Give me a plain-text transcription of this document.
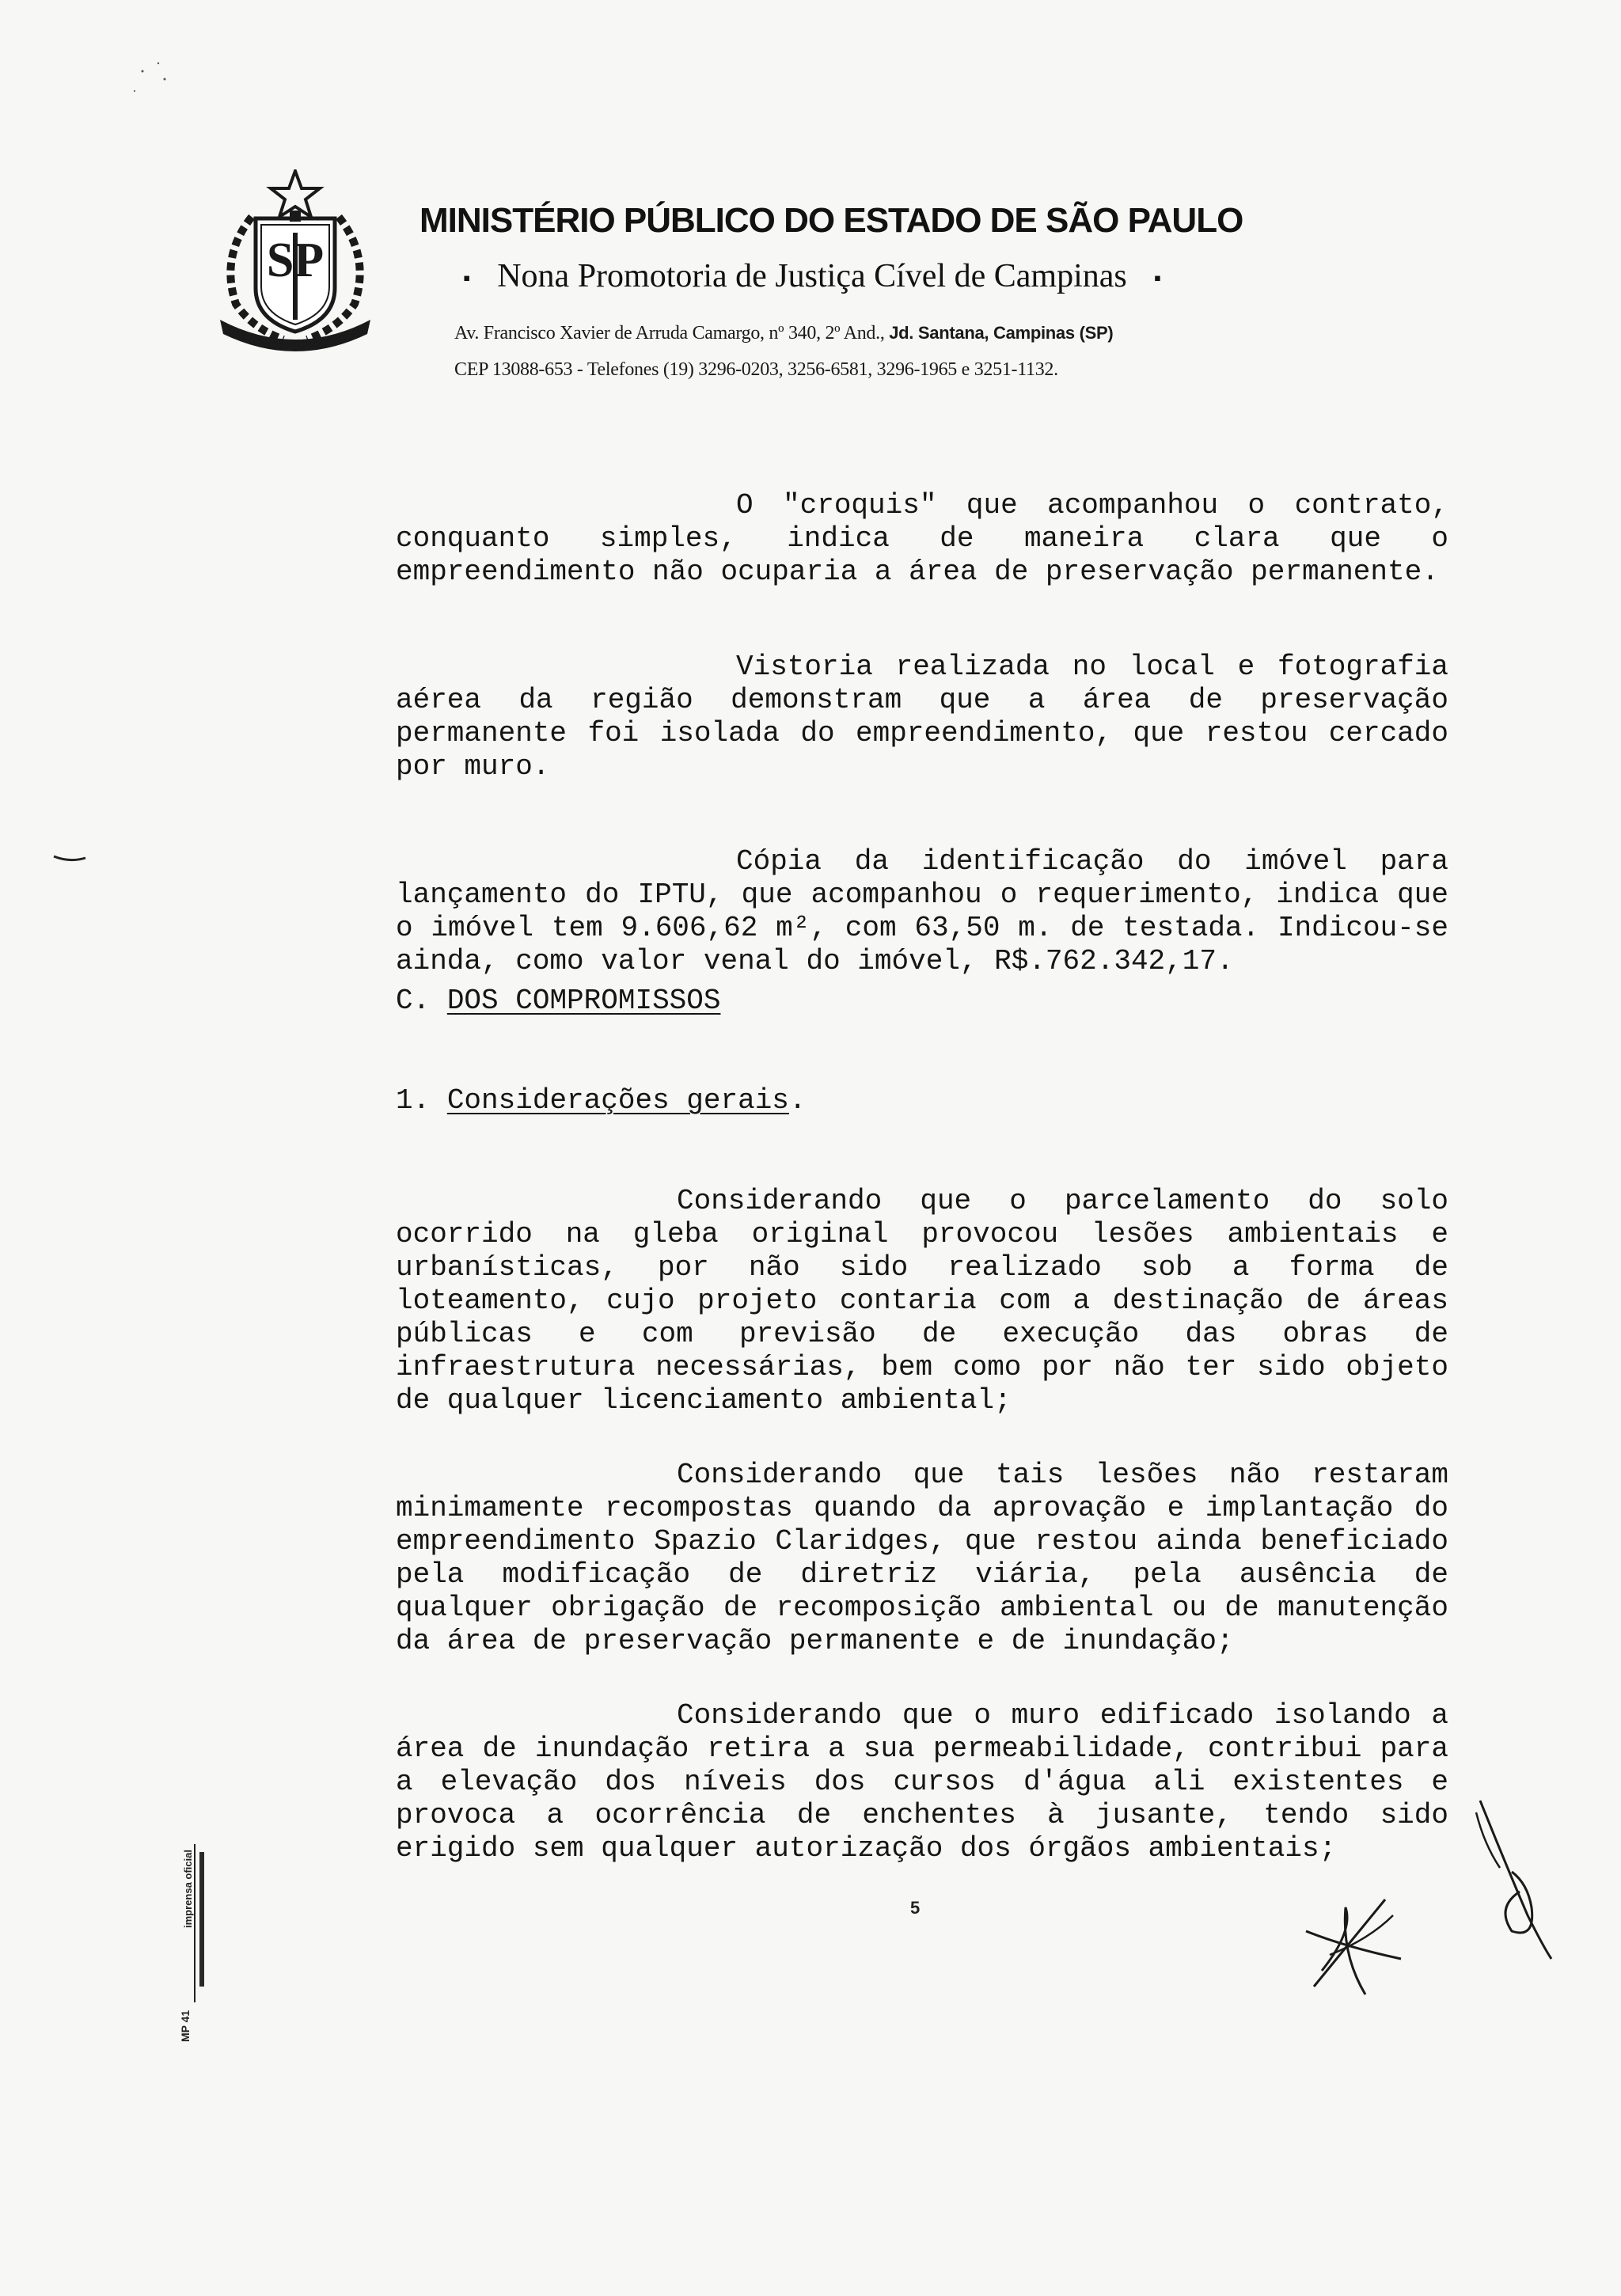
SP
MINISTÉRIO PÚBLICO DO ESTADO DE SÃO PAULO
▪ Nona Promotoria de Justiça Cível de Campinas ▪
Av. Francisco Xavier de Arruda Camargo, nº 340, 2º And., Jd. Santana, Campinas (SP)
CEP 13088-653 - Telefones (19) 3296-0203, 3256-6581, 3296-1965 e 3251-1132.

O "croquis" que acompanhou o contrato, conquanto simples, indica de maneira clara que o empreendimento não ocuparia a área de preservação permanente.

Vistoria realizada no local e fotografia aérea da região demonstram que a área de preservação permanente foi isolada do empreendimento, que restou cercado por muro.

Cópia da identificação do imóvel para lançamento do IPTU, que acompanhou o requerimento, indica que o imóvel tem 9.606,62 m², com 63,50 m. de testada. Indicou-se ainda, como valor venal do imóvel, R$.762.342,17.

C. DOS COMPROMISSOS
1. Considerações gerais.

Considerando que o parcelamento do solo ocorrido na gleba original provocou lesões ambientais e urbanísticas, por não sido realizado sob a forma de loteamento, cujo projeto contaria com a destinação de áreas públicas e com previsão de execução das obras de infraestrutura necessárias, bem como por não ter sido objeto de qualquer licenciamento ambiental;

Considerando que tais lesões não restaram minimamente recompostas quando da aprovação e implantação do empreendimento Spazio Claridges, que restou ainda beneficiado pela modificação de diretriz viária, pela ausência de qualquer obrigação de recomposição ambiental ou de manutenção da área de preservação permanente e de inundação;

Considerando que o muro edificado isolando a área de inundação retira a sua permeabilidade, contribui para a elevação dos níveis dos cursos d'água ali existentes e provoca a ocorrência de enchentes à jusante, tendo sido erigido sem qualquer autorização dos órgãos ambientais;

5
imprensa oficial
MP 41
